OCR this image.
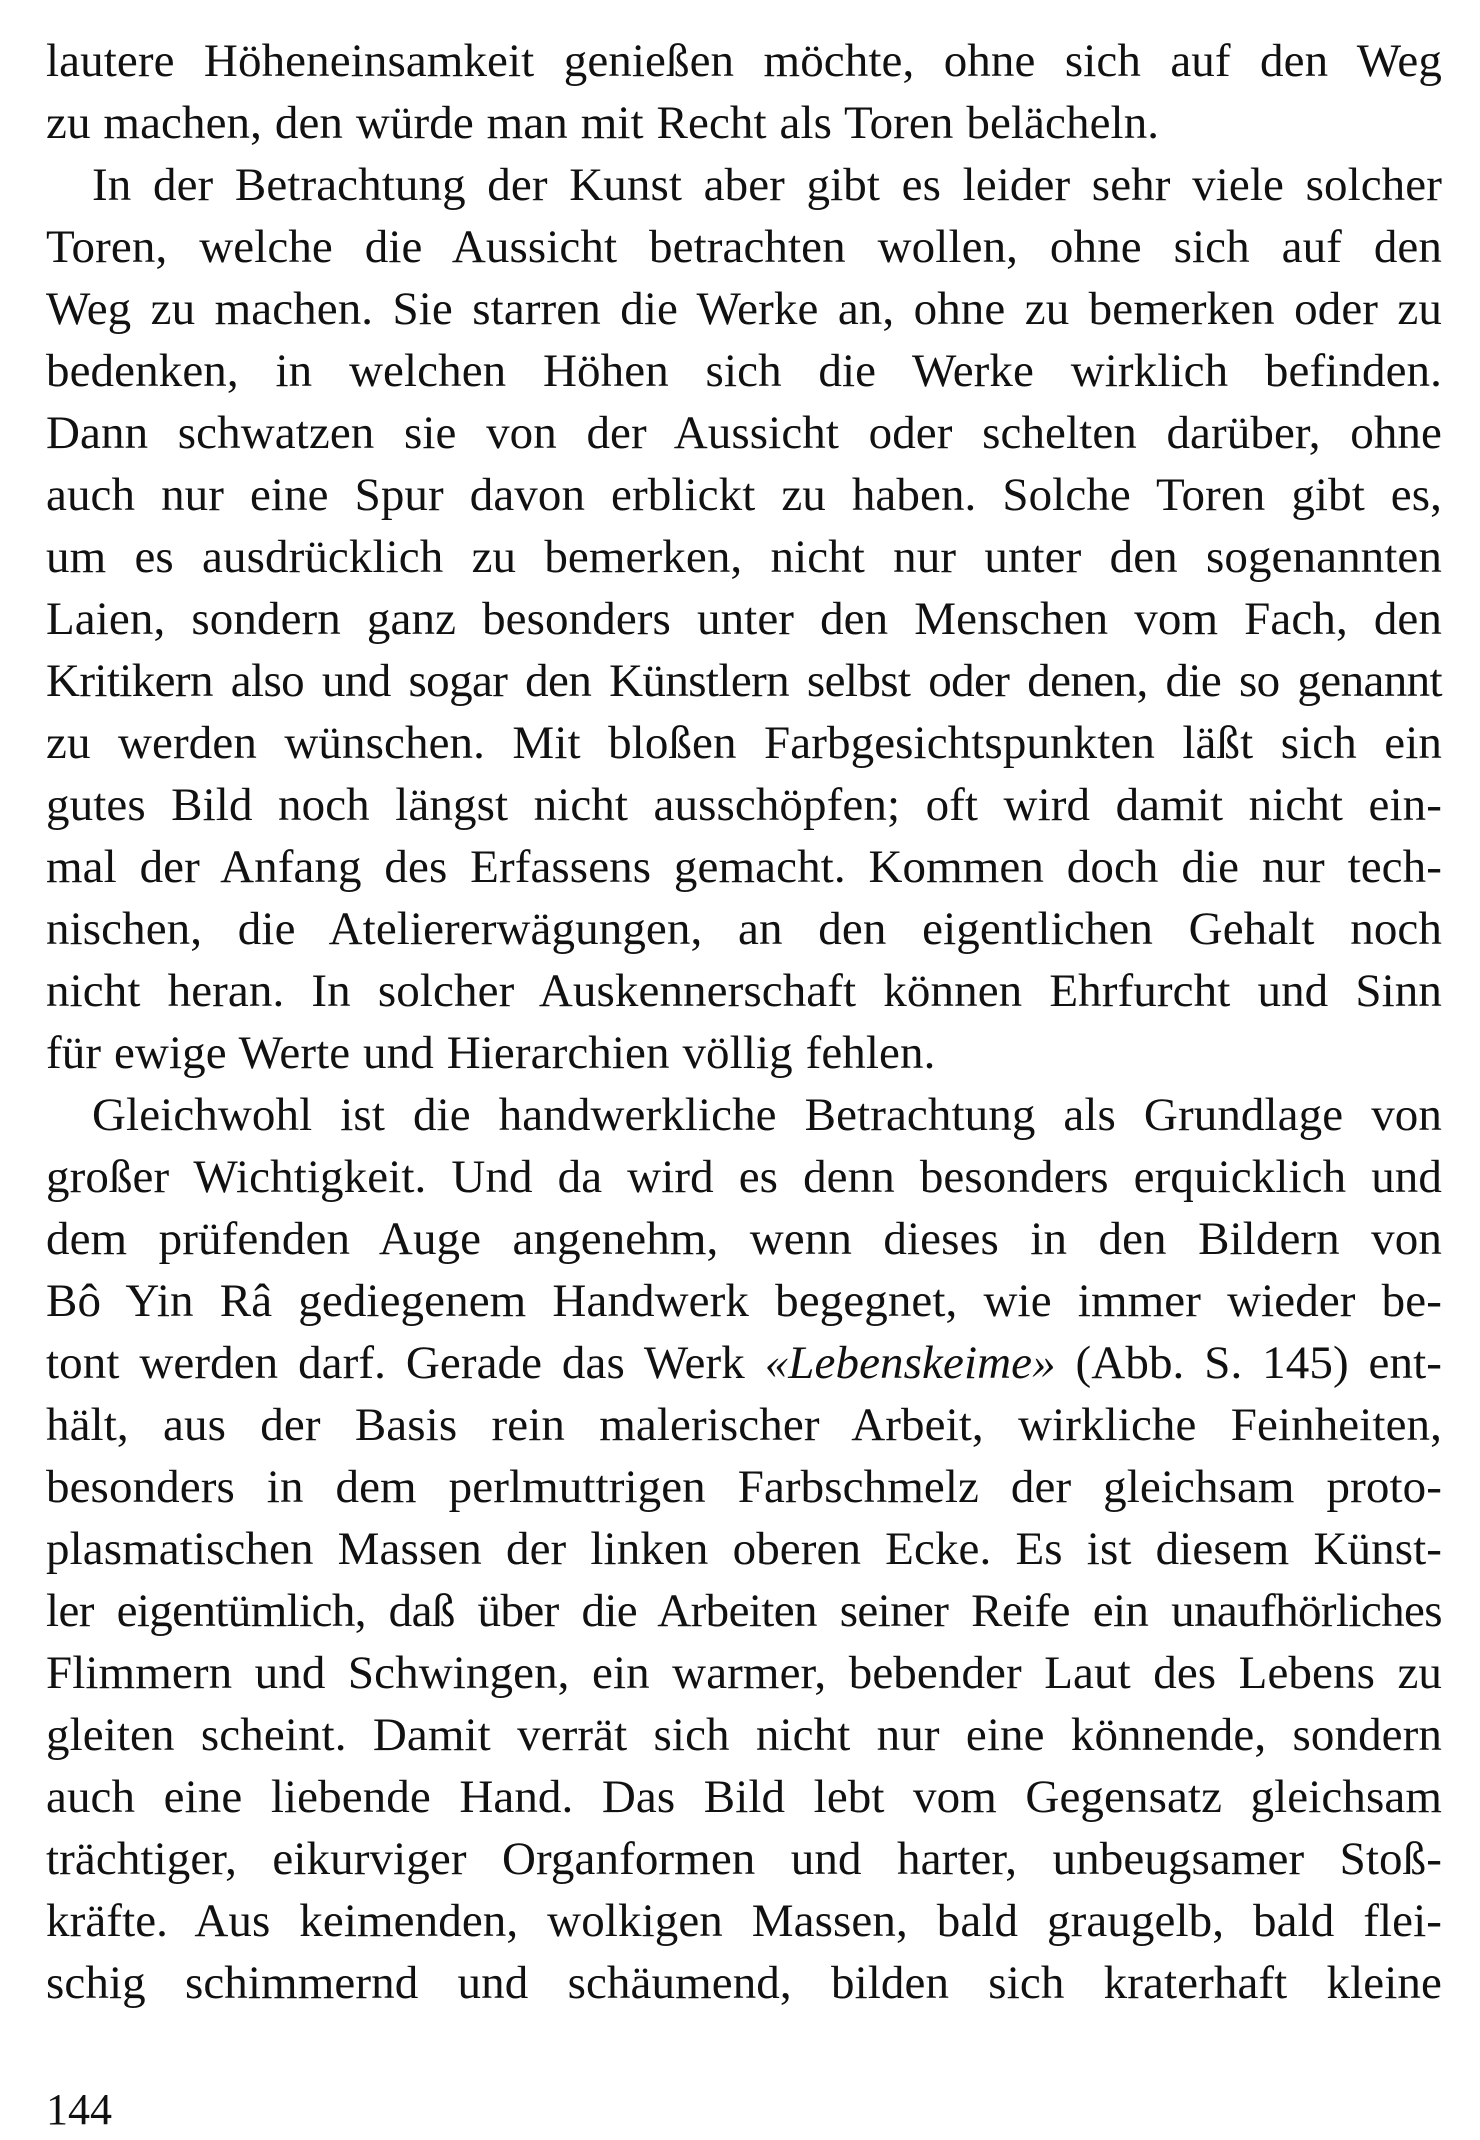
lautere Höheneinsamkeit genießen möchte, ohne sich auf den Weg
zu machen, den würde man mit Recht als Toren belächeln.
In der Betrachtung der Kunst aber gibt es leider sehr viele solcher
Toren, welche die Aussicht betrachten wollen, ohne sich auf den
Weg zu machen. Sie starren die Werke an, ohne zu bemerken oder zu
bedenken, in welchen Höhen sich die Werke wirklich befinden.
Dann schwatzen sie von der Aussicht oder schelten darüber, ohne
auch nur eine Spur davon erblickt zu haben. Solche Toren gibt es,
um es ausdrücklich zu bemerken, nicht nur unter den sogenannten
Laien, sondern ganz besonders unter den Menschen vom Fach, den
Kritikern also und sogar den Künstlern selbst oder denen, die so genannt
zu werden wünschen. Mit bloßen Farbgesichtspunkten läßt sich ein
gutes Bild noch längst nicht ausschöpfen; oft wird damit nicht ein-
mal der Anfang des Erfassens gemacht. Kommen doch die nur tech-
nischen, die Ateliererwägungen, an den eigentlichen Gehalt noch
nicht heran. In solcher Auskennerschaft können Ehrfurcht und Sinn
für ewige Werte und Hierarchien völlig fehlen.
Gleichwohl ist die handwerkliche Betrachtung als Grundlage von
großer Wichtigkeit. Und da wird es denn besonders erquicklich und
dem prüfenden Auge angenehm, wenn dieses in den Bildern von
Bô Yin Râ gediegenem Handwerk begegnet, wie immer wieder be-
tont werden darf. Gerade das Werk «Lebenskeime» (Abb. S. 145) ent-
hält, aus der Basis rein malerischer Arbeit, wirkliche Feinheiten,
besonders in dem perlmuttrigen Farbschmelz der gleichsam proto-
plasmatischen Massen der linken oberen Ecke. Es ist diesem Künst-
ler eigentümlich, daß über die Arbeiten seiner Reife ein unaufhörliches
Flimmern und Schwingen, ein warmer, bebender Laut des Lebens zu
gleiten scheint. Damit verrät sich nicht nur eine könnende, sondern
auch eine liebende Hand. Das Bild lebt vom Gegensatz gleichsam
trächtiger, eikurviger Organformen und harter, unbeugsamer Stoß-
kräfte. Aus keimenden, wolkigen Massen, bald graugelb, bald flei-
schig schimmernd und schäumend, bilden sich kraterhaft kleine
144
